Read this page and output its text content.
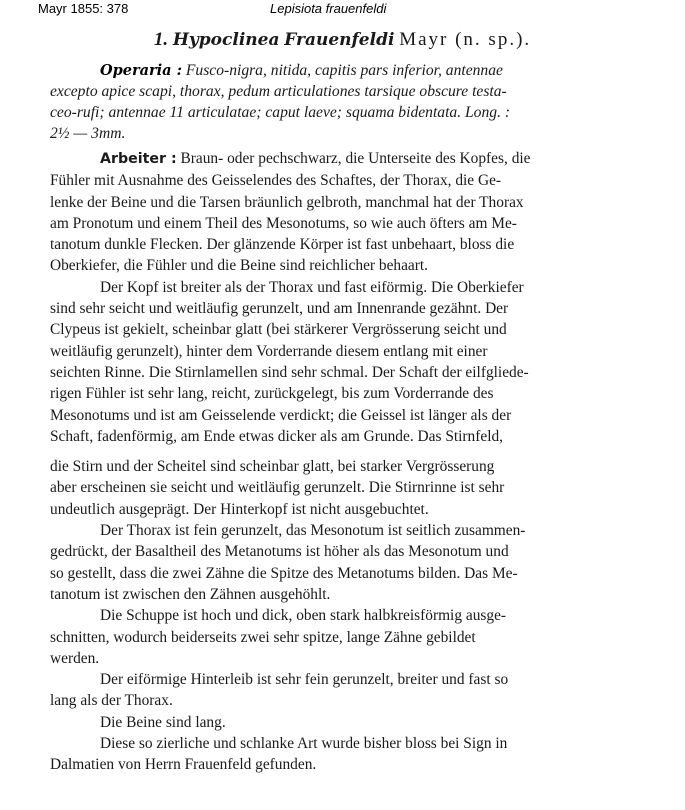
Mayr 1855: 378	Lepisiota frauenfeldi
1. Hypoclinea Frauenfeldi Mayr (n. sp.).
Operaria : Fusco-nigra, nitida, capitis pars inferior, antennae
excepto apice scapi, thorax, pedum articulationes tarsique obscure testa-
ceo-rufi; antennae 11 articulatae; caput laeve; squama bidentata. Long. :
2½ — 3mm.
Arbeiter : Braun- oder pechschwarz, die Unterseite des Kopfes, die
Fühler mit Ausnahme des Geisselendes des Schaftes, der Thorax, die Ge-
lenke der Beine und die Tarsen bräunlich gelbroth, manchmal hat der Thorax
am Pronotum und einem Theil des Mesonotums, so wie auch öfters am Me-
tanotum dunkle Flecken. Der glänzende Körper ist fast unbehaart, bloss die
Oberkiefer, die Fühler und die Beine sind reichlicher behaart.
Der Kopf ist breiter als der Thorax und fast eiförmig. Die Oberkiefer
sind sehr seicht und weitläufig gerunzelt, und am Innenrande gezähnt. Der
Clypeus ist gekielt, scheinbar glatt (bei stärkerer Vergrösserung seicht und
weitläufig gerunzelt), hinter dem Vorderrande diesem entlang mit einer
seichten Rinne. Die Stirnlamellen sind sehr schmal. Der Schaft der eilfgliede-
rigen Fühler ist sehr lang, reicht, zurückgelegt, bis zum Vorderrande des
Mesonotums und ist am Geisselende verdickt; die Geissel ist länger als der
Schaft, fadenförmig, am Ende etwas dicker als am Grunde. Das Stirnfeld,
die Stirn und der Scheitel sind scheinbar glatt, bei starker Vergrösserung
aber erscheinen sie seicht und weitläufig gerunzelt. Die Stirnrinne ist sehr
undeutlich ausgeprägt. Der Hinterkopf ist nicht ausgebuchtet.
Der Thorax ist fein gerunzelt, das Mesonotum ist seitlich zusammen-
gedrückt, der Basaltheil des Metanotums ist höher als das Mesonotum und
so gestellt, dass die zwei Zähne die Spitze des Metanotums bilden. Das Me-
tanotum ist zwischen den Zähnen ausgehöhlt.
Die Schuppe ist hoch und dick, oben stark halbkreisförmig ausge-
schnitten, wodurch beiderseits zwei sehr spitze, lange Zähne gebildet
werden.
Der eiförmige Hinterleib ist sehr fein gerunzelt, breiter und fast so
lang als der Thorax.
Die Beine sind lang.
Diese so zierliche und schlanke Art wurde bisher bloss bei Sign in
Dalmatien von Herrn Frauenfeld gefunden.
